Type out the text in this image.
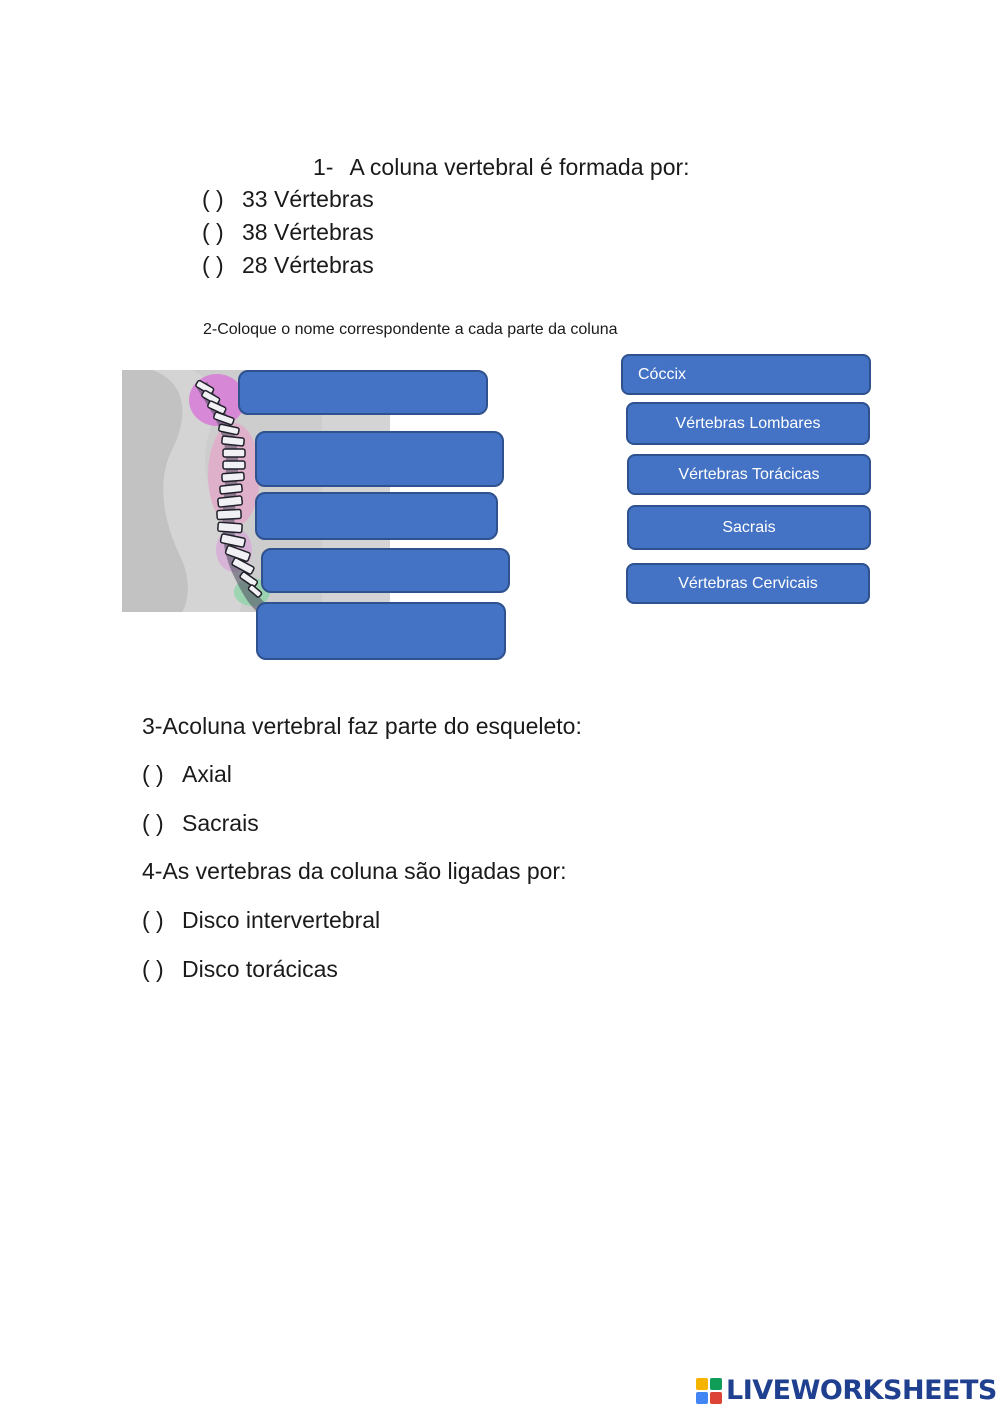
1- A coluna vertebral é formada por:
( ) 33 Vértebras
( ) 38 Vértebras
( ) 28 Vértebras
2-Coloque o nome correspondente a cada parte da coluna
Cóccix
Vértebras Lombares
Vértebras Torácicas
Sacrais
Vértebras Cervicais
3-Acoluna vertebral faz parte do esqueleto:
( ) Axial
( ) Sacrais
4-As vertebras da coluna são ligadas por:
( ) Disco intervertebral
( ) Disco torácicas
LIVEWORKSHEETS
